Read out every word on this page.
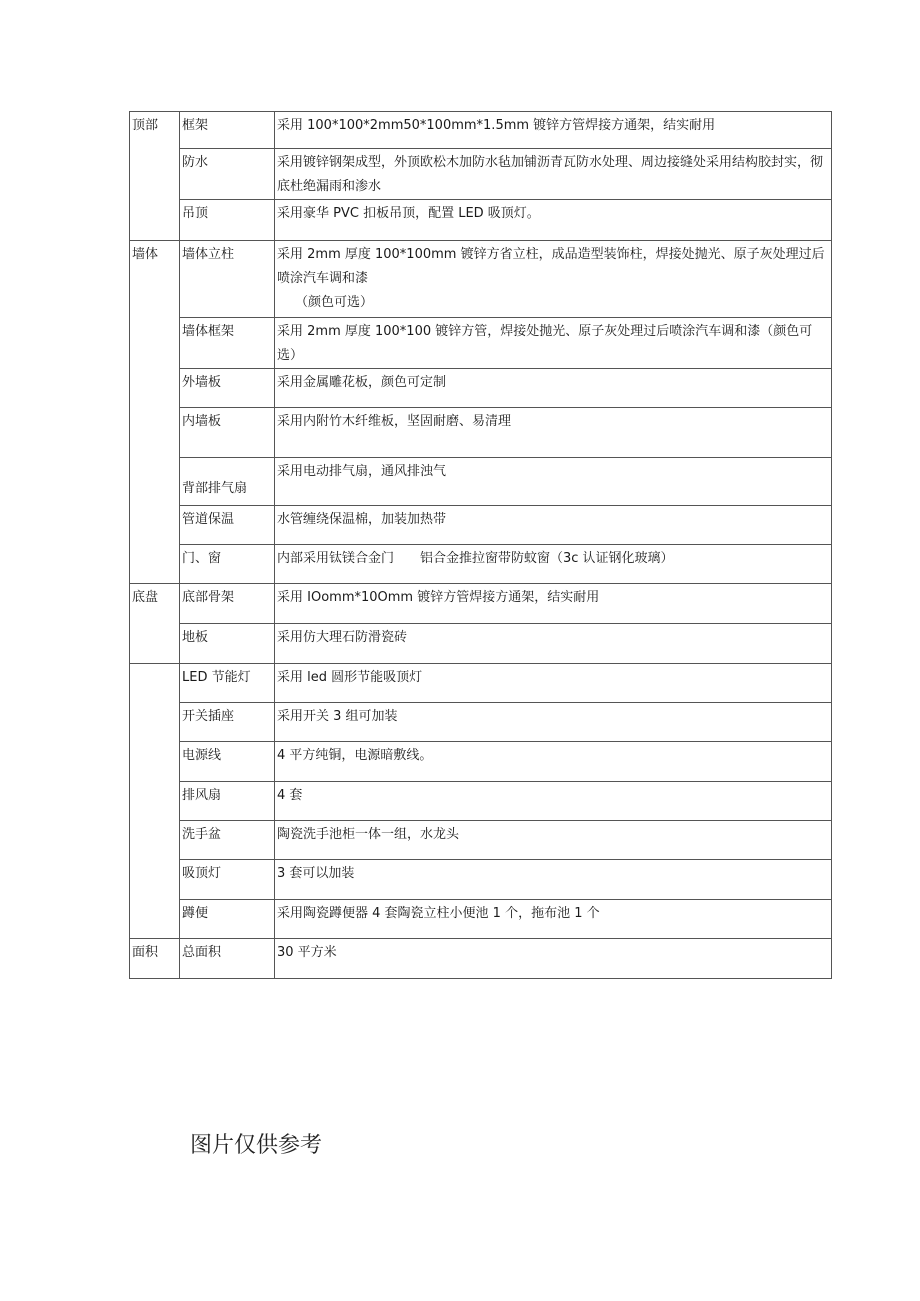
顶部	框架	采用 100*100*2mm50*100mm*1.5mm 镀锌方管焊接方通架，结实耐用
	防水	采用镀锌钢架成型，外顶欧松木加防水毡加铺沥青瓦防水处理、周边接缝处采用结构胶封实，彻底杜绝漏雨和渗水
	吊顶	采用豪华 PVC 扣板吊顶，配置 LED 吸顶灯。
墙体	墙体立柱	采用 2mm 厚度 100*100mm 镀锌方省立柱，成品造型装饰柱，焊接处抛光、原子灰处理过后喷涂汽车调和漆
（颜色可选）

	墙体框架	采用 2mm 厚度 100*100 镀锌方管，焊接处抛光、原子灰处理过后喷涂汽车调和漆（颜色可选）
	外墙板	采用金属雕花板，颜色可定制
	内墙板	采用内附竹木纤维板，坚固耐磨、易清理
	背部排气扇	采用电动排气扇，通风排浊气
	管道保温	水管缠绕保温棉，加装加热带
	门、窗	内部采用钛镁合金门　　铝合金推拉窗带防蚊窗（3c 认证钢化玻璃）
底盘	底部骨架	采用 IOomm*10Omm 镀锌方管焊接方通架，结实耐用
	地板	采用仿大理石防滑瓷砖
	LED 节能灯	采用 led 圆形节能吸顶灯
	开关插座	采用开关 3 组可加装
	电源线	4 平方纯铜，电源暗敷线。
	排风扇	4 套
	洗手盆	陶瓷洗手池柜一体一组，水龙头
	吸顶灯	3 套可以加装
	蹲便	采用陶瓷蹲便器 4 套陶瓷立柱小便池 1 个，拖布池 1 个
面积	总面积	30 平方米
图片仅供参考
